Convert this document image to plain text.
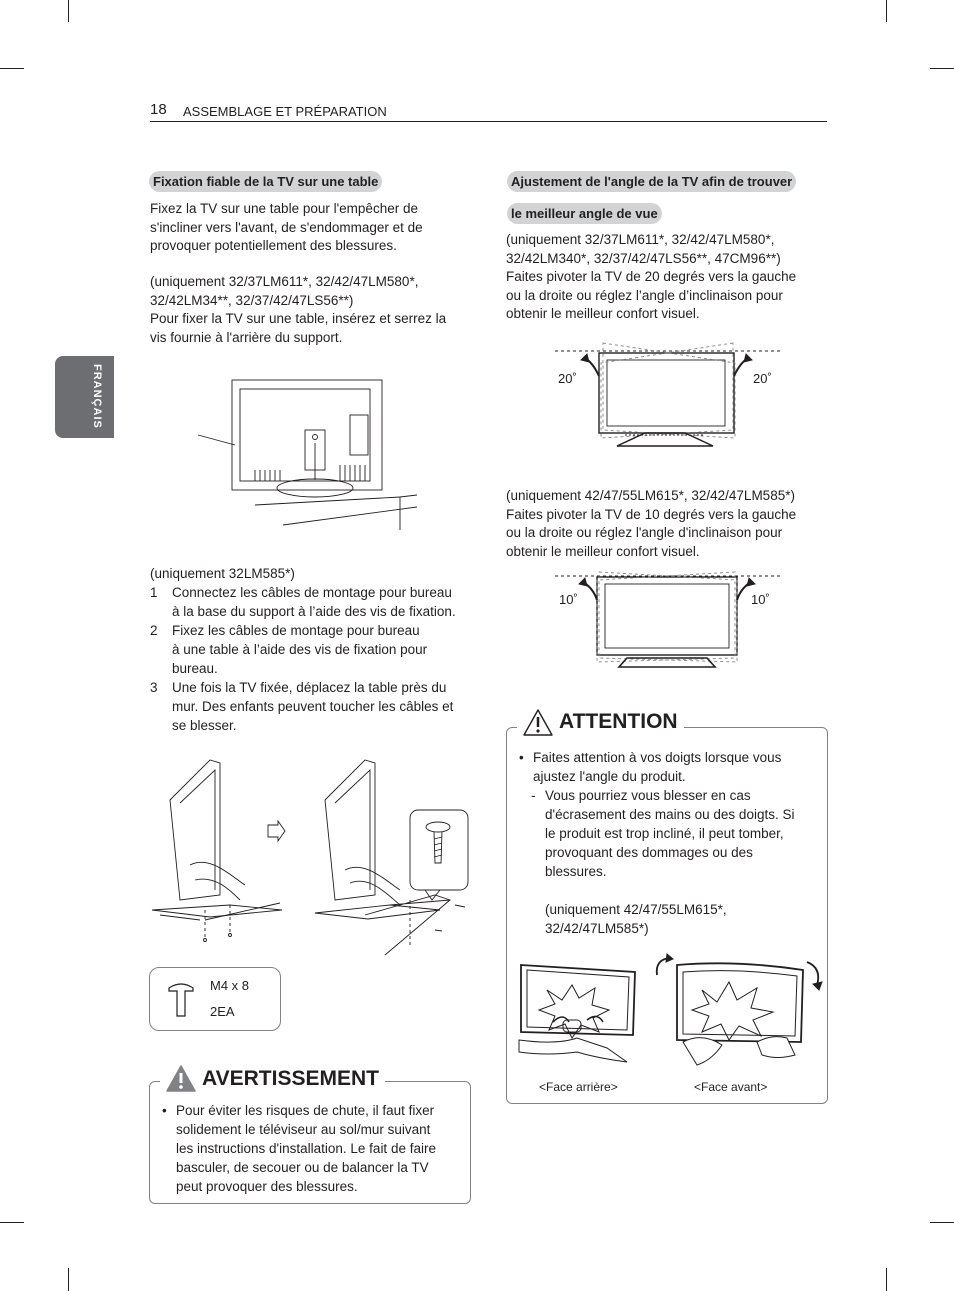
18 ASSEMBLAGE ET PRÉPARATION
FRANÇAIS
Fixation fiable de la TV sur une table

Fixez la TV sur une table pour l'empêcher de

s'incliner vers l'avant, de s'endommager et de

provoquer potentiellement des blessures.

(uniquement 32/37LM611*, 32/42/47LM580*,

32/42LM34**, 32/37/42/47LS56**)

Pour fixer la TV sur une table, insérez et serrez la

vis fournie à l'arrière du support.

(uniquement 32LM585*)
1	Connectez les câbles de montage pour bureau
à la base du support à l’aide des vis de fixation.
2	Fixez les câbles de montage pour bureau
à une table à l’aide des vis de fixation pour
bureau.
3	Une fois la TV fixée, déplacez la table près du
mur. Des enfants peuvent toucher les câbles et
se blesser.
M4 x 8
2EA
AVERTISSEMENT
• Pour éviter les risques de chute, il faut fixer
solidement le téléviseur au sol/mur suivant
les instructions d'installation. Le fait de faire
basculer, de secouer ou de balancer la TV
peut provoquer des blessures.
Ajustement de l'angle de la TV afin de trouver
le meilleur angle de vue

(uniquement 32/37LM611*, 32/42/47LM580*,

32/42LM340*, 32/37/42/47LS56**, 47CM96**)

Faites pivoter la TV de 20 degrés vers la gauche

ou la droite ou réglez l’angle d’inclinaison pour

obtenir le meilleur confort visuel.

20˚	20˚

(uniquement 42/47/55LM615*, 32/42/47LM585*)

Faites pivoter la TV de 10 degrés vers la gauche

ou la droite ou réglez l'angle d'inclinaison pour

obtenir le meilleur confort visuel.

10˚	10˚
ATTENTION
• Faites attention à vos doigts lorsque vous
ajustez l'angle du produit.
- Vous pourriez vous blesser en cas
d'écrasement des mains ou des doigts. Si
le produit est trop incliné, il peut tomber,
provoquant des dommages ou des
blessures.
(uniquement 42/47/55LM615*,
32/42/47LM585*)
<Face arrière>	<Face avant>
